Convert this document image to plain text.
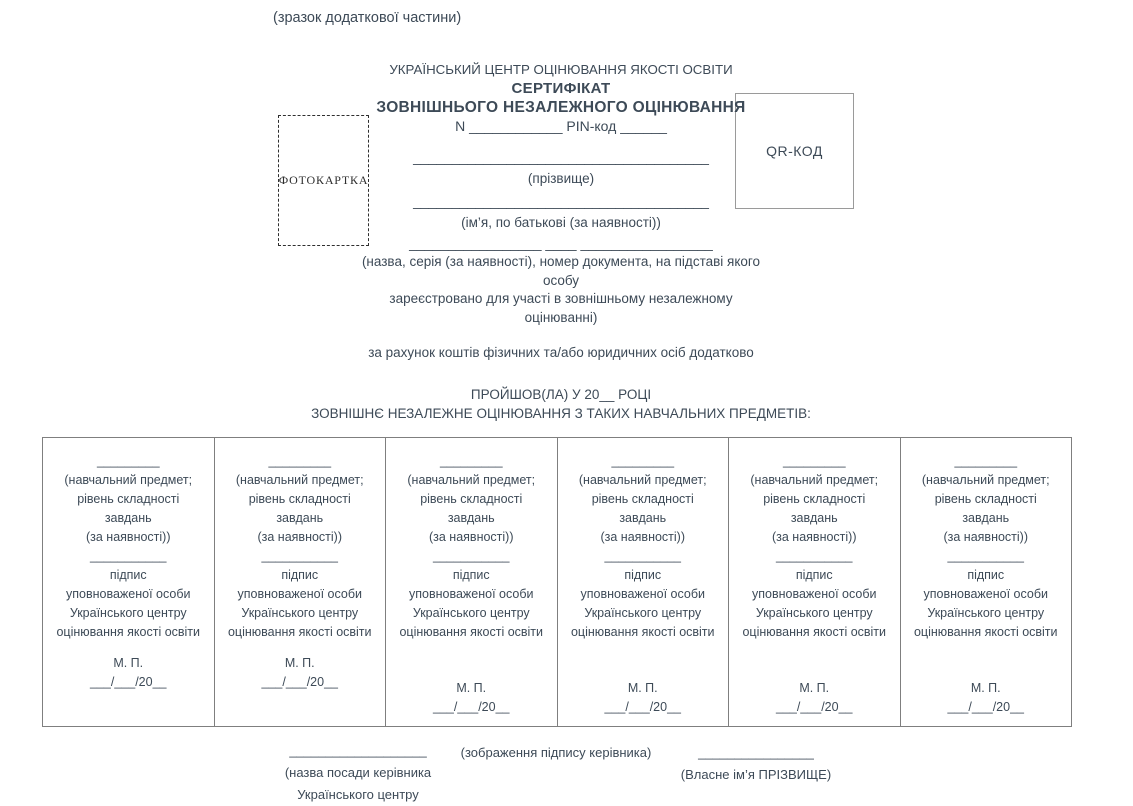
(зразок додаткової частини)
ФОТОКАРТКА
QR-КОД
УКРАЇНСЬКИЙ ЦЕНТР ОЦІНЮВАННЯ ЯКОСТІ ОСВІТИ
СЕРТИФІКАТ
ЗОВНІШНЬОГО НЕЗАЛЕЖНОГО ОЦІНЮВАННЯ
N ____________ PIN-код ______
______________________________________
(прізвище)
______________________________________
(ім’я, по батькові (за наявності))
_________________ ____ _________________
(назва, серія (за наявності), номер документа, на підставі якого
особу
зареєстровано для участі в зовнішньому незалежному
оцінюванні)
за рахунок коштів фізичних та/або юридичних осіб додатково
ПРОЙШОВ(ЛА) У 20__ РОЦІ
ЗОВНІШНЄ НЕЗАЛЕЖНЕ ОЦІНЮВАННЯ З ТАКИХ НАВЧАЛЬНИХ ПРЕДМЕТІВ:
_________
(навчальний предмет;
рівень складності
завдань
(за наявності))
___________
підпис
уповноваженої особи
Українського центру
оцінювання якості освіти
М. П.
___/___/20__

_________
(навчальний предмет;
рівень складності
завдань
(за наявності))
___________
підпис
уповноваженої особи
Українського центру
оцінювання якості освіти
М. П.
___/___/20__

_________
(навчальний предмет;
рівень складності
завдань
(за наявності))
___________
підпис
уповноваженої особи
Українського центру
оцінювання якості освіти
М. П.
___/___/20__

_________
(навчальний предмет;
рівень складності
завдань
(за наявності))
___________
підпис
уповноваженої особи
Українського центру
оцінювання якості освіти
М. П.
___/___/20__

_________
(навчальний предмет;
рівень складності
завдань
(за наявності))
___________
підпис
уповноваженої особи
Українського центру
оцінювання якості освіти
М. П.
___/___/20__

_________
(навчальний предмет;
рівень складності
завдань
(за наявності))
___________
підпис
уповноваженої особи
Українського центру
оцінювання якості освіти
М. П.
___/___/20__
___________________
(назва посади керівника
Українського центру
(зображення підпису керівника)	________________
(Власне ім’я ПРІЗВИЩЕ)
